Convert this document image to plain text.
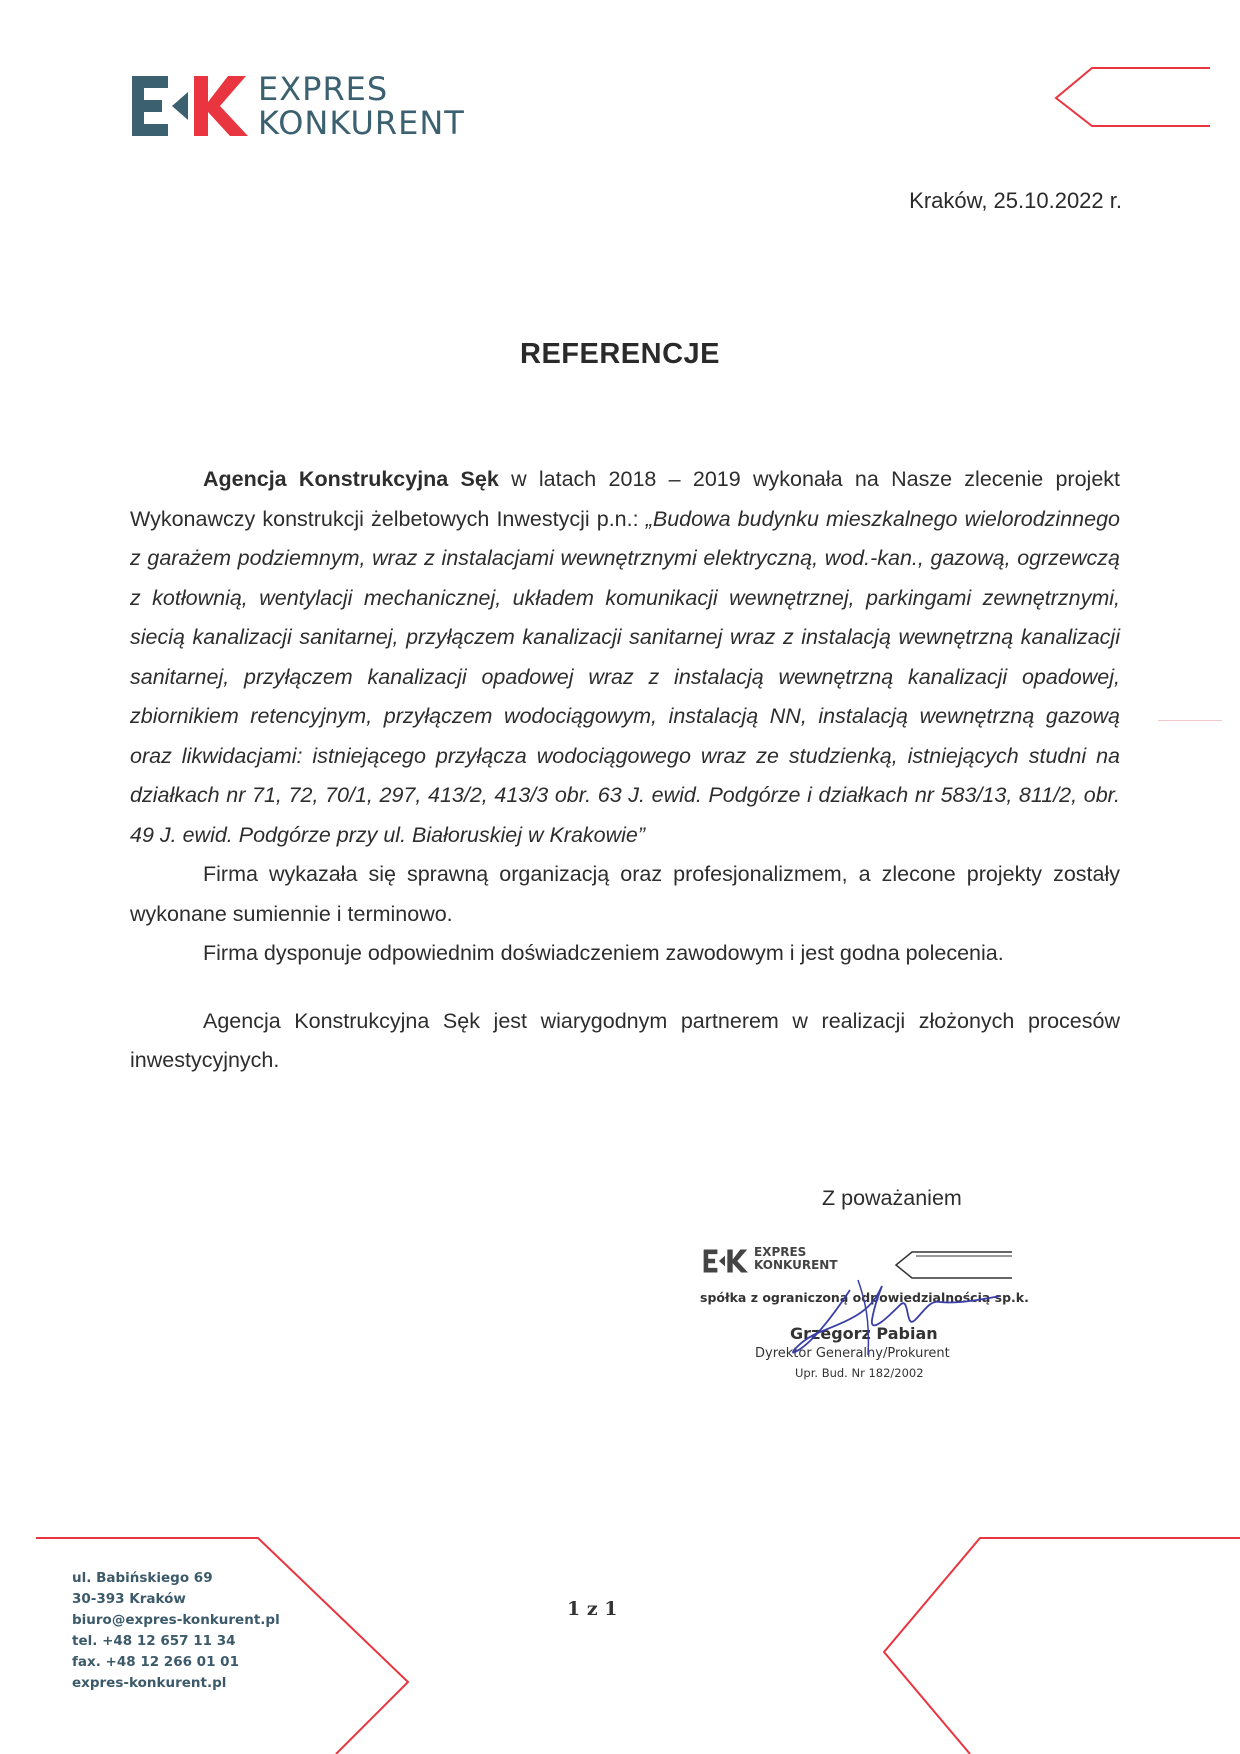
EXPRES
KONKURENT
Kraków, 25.10.2022 r.
REFERENCJE

Agencja Konstrukcyjna Sęk w latach 2018 – 2019 wykonała na Nasze zlecenie projekt Wykonawczy konstrukcji żelbetowych Inwestycji p.n.: „Budowa budynku mieszkalnego wielorodzinnego z garażem podziemnym, wraz z instalacjami wewnętrznymi elektryczną, wod.-kan., gazową, ogrzewczą z kotłownią, wentylacji mechanicznej, układem komunikacji wewnętrznej, parkingami zewnętrznymi, siecią kanalizacji sanitarnej, przyłączem kanalizacji sanitarnej wraz z instalacją wewnętrzną kanalizacji sanitarnej, przyłączem kanalizacji opadowej wraz z instalacją wewnętrzną kanalizacji opadowej, zbiornikiem retencyjnym, przyłączem wodociągowym, instalacją NN, instalacją wewnętrzną gazową oraz likwidacjami: istniejącego przyłącza wodociągowego wraz ze studzienką, istniejących studni na działkach nr 71, 72, 70/1, 297, 413/2, 413/3 obr. 63 J. ewid. Podgórze i działkach nr 583/13, 811/2, obr. 49 J. ewid. Podgórze przy ul. Białoruskiej w Krakowie”

Firma wykazała się sprawną organizacją oraz profesjonalizmem, a zlecone projekty zostały wykonane sumiennie i terminowo.

Firma dysponuje odpowiednim doświadczeniem zawodowym i jest godna polecenia.

Agencja Konstrukcyjna Sęk jest wiarygodnym partnerem w realizacji złożonych procesów inwestycyjnych.

Z poważaniem
EXPRES
KONKURENT
spółka z ograniczoną odpowiedzialnością sp.k.
Grzegorz Pabian
Dyrektor Generalny/Prokurent
Upr. Bud. Nr 182/2002
ul. Babińskiego 69
30-393 Kraków
biuro@expres-konkurent.pl
tel. +48 12 657 11 34
fax. +48 12 266 01 01
expres-konkurent.pl
1 z 1
